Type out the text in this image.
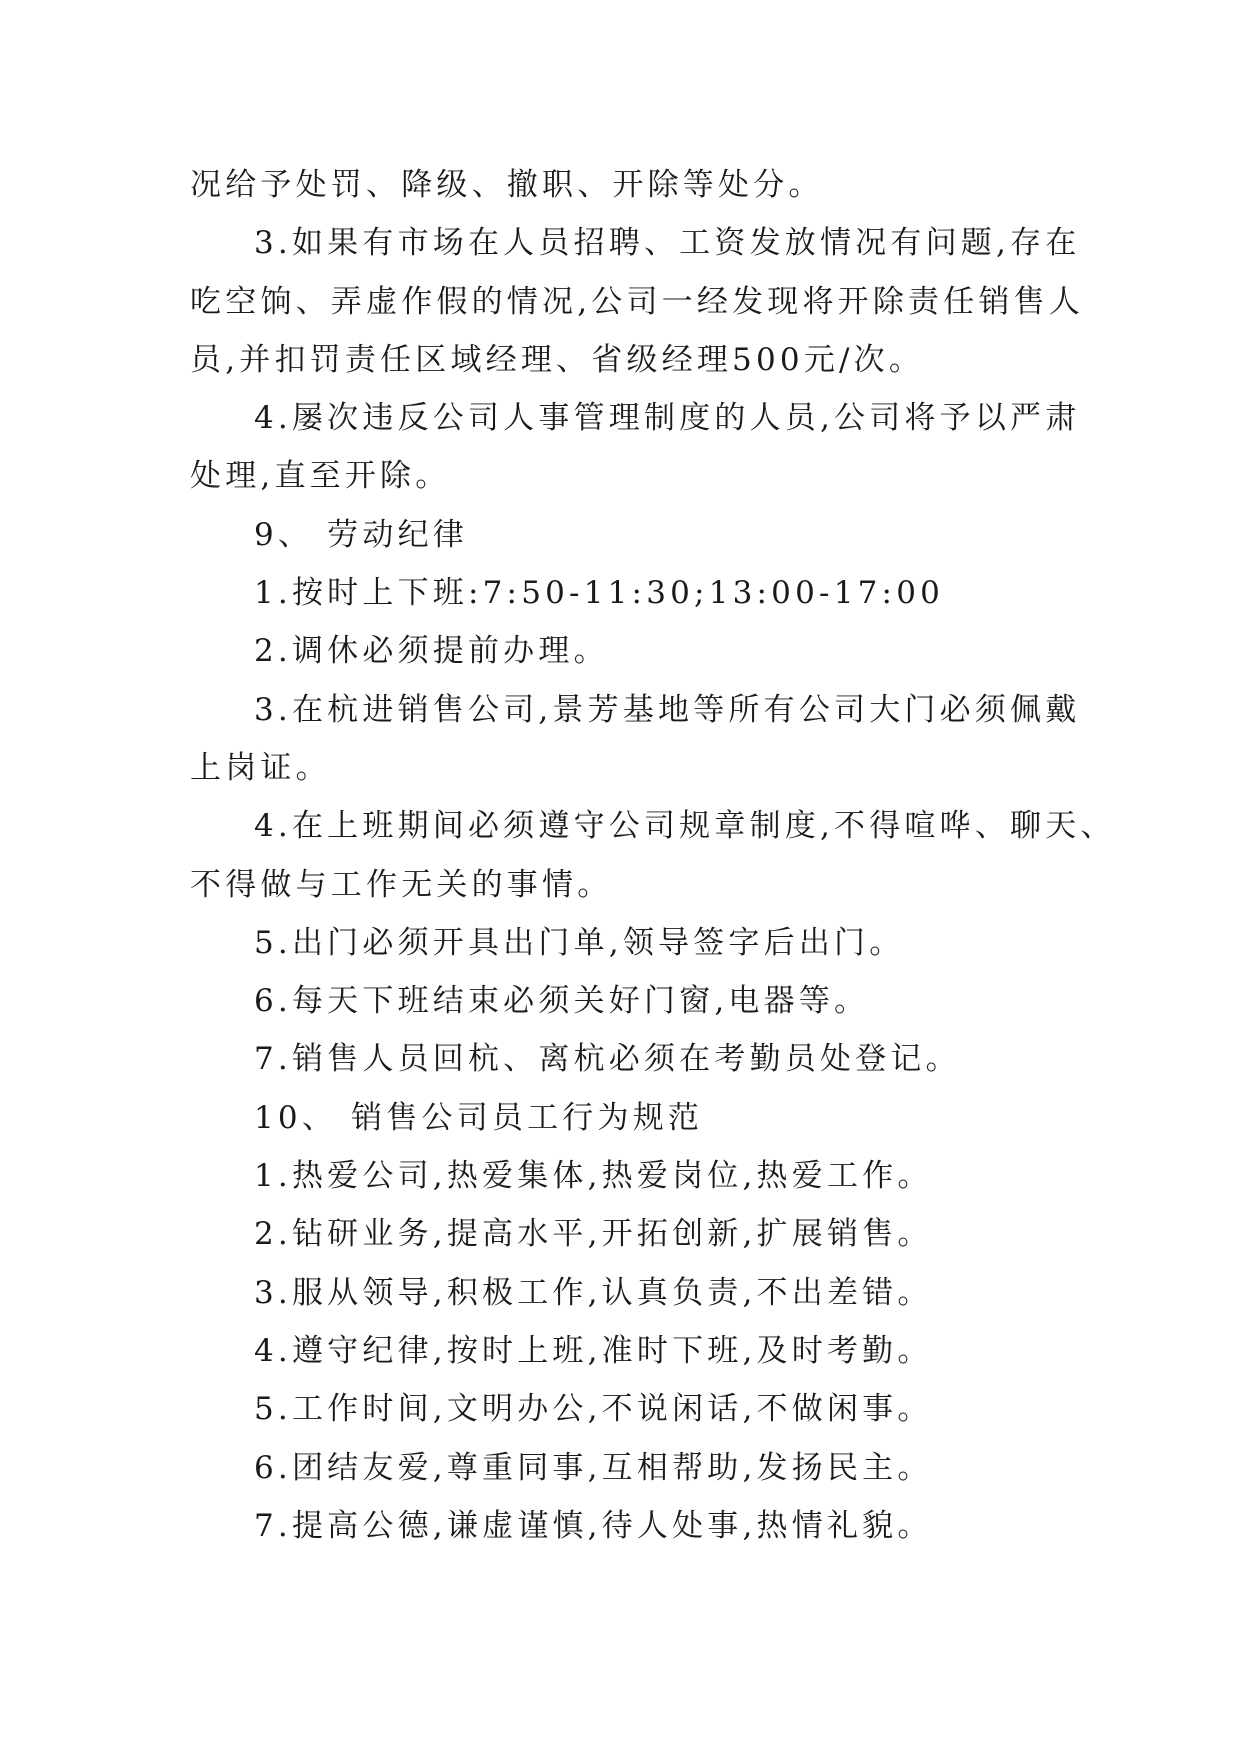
况给予处罚、降级、撤职、开除等处分。
3.如果有市场在人员招聘、工资发放情况有问题,存在
吃空饷、弄虚作假的情况,公司一经发现将开除责任销售人
员,并扣罚责任区域经理、省级经理500元/次。
4.屡次违反公司人事管理制度的人员,公司将予以严肃
处理,直至开除。
9、 劳动纪律
1.按时上下班:7:50-11:30;13:00-17:00
2.调休必须提前办理。
3.在杭进销售公司,景芳基地等所有公司大门必须佩戴
上岗证。
4.在上班期间必须遵守公司规章制度,不得喧哗、聊天、
不得做与工作无关的事情。
5.出门必须开具出门单,领导签字后出门。
6.每天下班结束必须关好门窗,电器等。
7.销售人员回杭、离杭必须在考勤员处登记。
10、 销售公司员工行为规范
1.热爱公司,热爱集体,热爱岗位,热爱工作。
2.钻研业务,提高水平,开拓创新,扩展销售。
3.服从领导,积极工作,认真负责,不出差错。
4.遵守纪律,按时上班,准时下班,及时考勤。
5.工作时间,文明办公,不说闲话,不做闲事。
6.团结友爱,尊重同事,互相帮助,发扬民主。
7.提高公德,谦虚谨慎,待人处事,热情礼貌。
